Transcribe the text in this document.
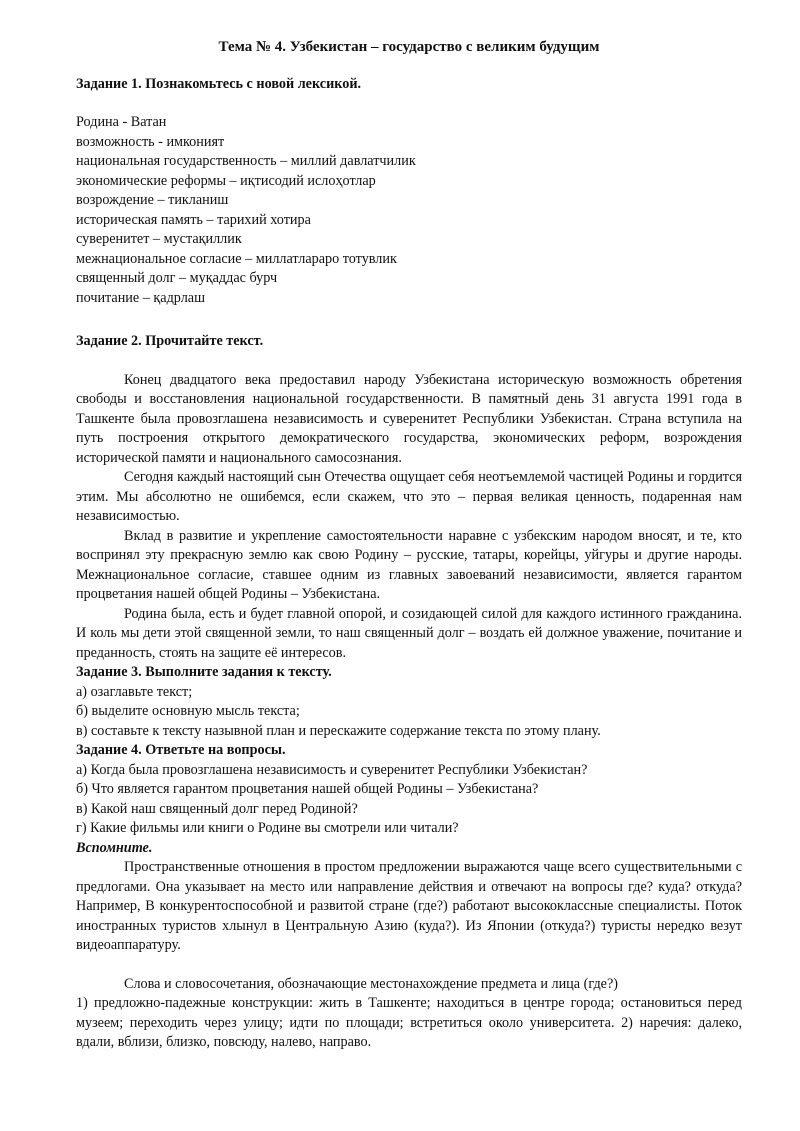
Тема № 4. Узбекистан – государство с великим будущим

Задание 1. Познакомьтесь с новой лексикой.

Родина - Ватан
возможность - имконият
национальная государственность – миллий давлатчилик
экономические реформы – иқтисодий ислоҳотлар
возрождение – тикланиш
историческая память – тарихий хотира
суверенитет – мустақиллик
межнациональное согласие – миллатлараро тотувлик
священный долг – муқаддас бурч
почитание – қадрлаш

Задание 2. Прочитайте текст.

Конец двадцатого века предоставил народу Узбекистана историческую возможность обретения свободы и восстановления национальной государственности. В памятный день 31 августа 1991 года в Ташкенте была провозглашена независимость и суверенитет Республики Узбекистан. Страна вступила на путь построения открытого демократического государства, экономических реформ, возрождения исторической памяти и национального самосознания.

Сегодня каждый настоящий сын Отечества ощущает себя неотъемлемой частицей Родины и гордится этим. Мы абсолютно не ошибемся, если скажем, что это – первая великая ценность, подаренная нам независимостью.

Вклад в развитие и укрепление самостоятельности наравне с узбекским народом вносят, и те, кто воспринял эту прекрасную землю как свою Родину – русские, татары, корейцы, уйгуры и другие народы. Межнациональное согласие, ставшее одним из главных завоеваний независимости, является гарантом процветания нашей общей Родины – Узбекистана.

Родина была, есть и будет главной опорой, и созидающей силой для каждого истинного гражданина. И коль мы дети этой священной земли, то наш священный долг – воздать ей должное уважение, почитание и преданность, стоять на защите её интересов.

Задание 3. Выполните задания к тексту.

а) озаглавьте текст;

б) выделите основную мысль текста;

в) составьте к тексту назывной план и перескажите содержание текста по этому плану.

Задание 4. Ответьте на вопросы.

а) Когда была провозглашена независимость и суверенитет Республики Узбекистан?

б) Что является гарантом процветания нашей общей Родины – Узбекистана?

в) Какой наш священный долг перед Родиной?

г) Какие фильмы или книги о Родине вы смотрели или читали?

Вспомните.

Пространственные отношения в простом предложении выражаются чаще всего существительными с предлогами. Она указывает на место или направление действия и отвечают на вопросы где? куда? откуда? Например, В конкурентоспособной и развитой стране (где?) работают высококлассные специалисты. Поток иностранных туристов хлынул в Центральную Азию (куда?). Из Японии (откуда?) туристы нередко везут видеоаппаратуру.

Слова и словосочетания, обозначающие местонахождение предмета и лица (где?)

1) предложно-падежные конструкции: жить в Ташкенте; находиться в центре города; остановиться перед музеем; переходить через улицу; идти по площади; встретиться около университета. 2) наречия: далеко, вдали, вблизи, близко, повсюду, налево, направо.
